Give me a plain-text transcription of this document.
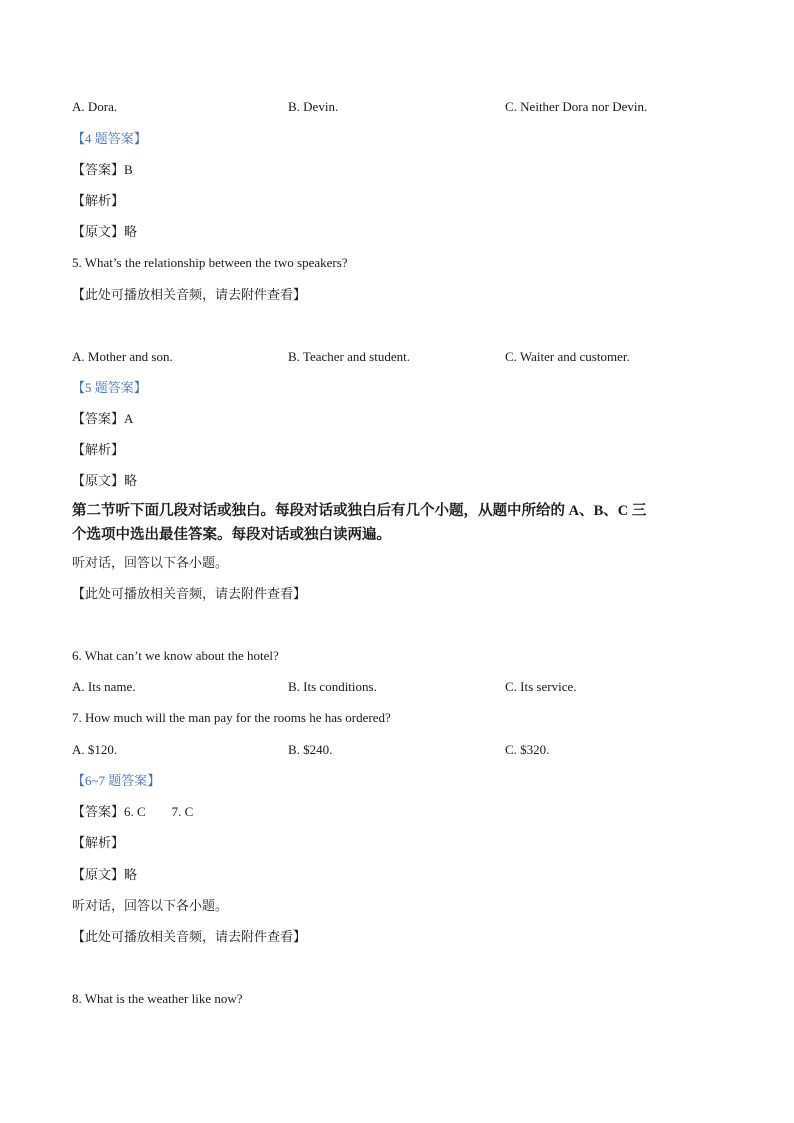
A. Dora.	B. Devin.	C. Neither Dora nor Devin.
【4 题答案】
【答案】B
【解析】
【原文】略
5. What’s the relationship between the two speakers?
【此处可播放相关音频，请去附件查看】
A. Mother and son.	B. Teacher and student.	C. Waiter and customer.
【5 题答案】
【答案】A
【解析】
【原文】略
第二节听下面几段对话或独白。每段对话或独白后有几个小题，从题中所给的 A、B、C 三
个选项中选出最佳答案。每段对话或独白读两遍。
听对话，回答以下各小题。
【此处可播放相关音频，请去附件查看】
6. What can’t we know about the hotel?
A. Its name.	B. Its conditions.	C. Its service.
7. How much will the man pay for the rooms he has ordered?
A. $120.	B. $240.	C. $320.
【6~7 题答案】
【答案】6. C 7. C
【解析】
【原文】略
听对话，回答以下各小题。
【此处可播放相关音频，请去附件查看】
8. What is the weather like now?
